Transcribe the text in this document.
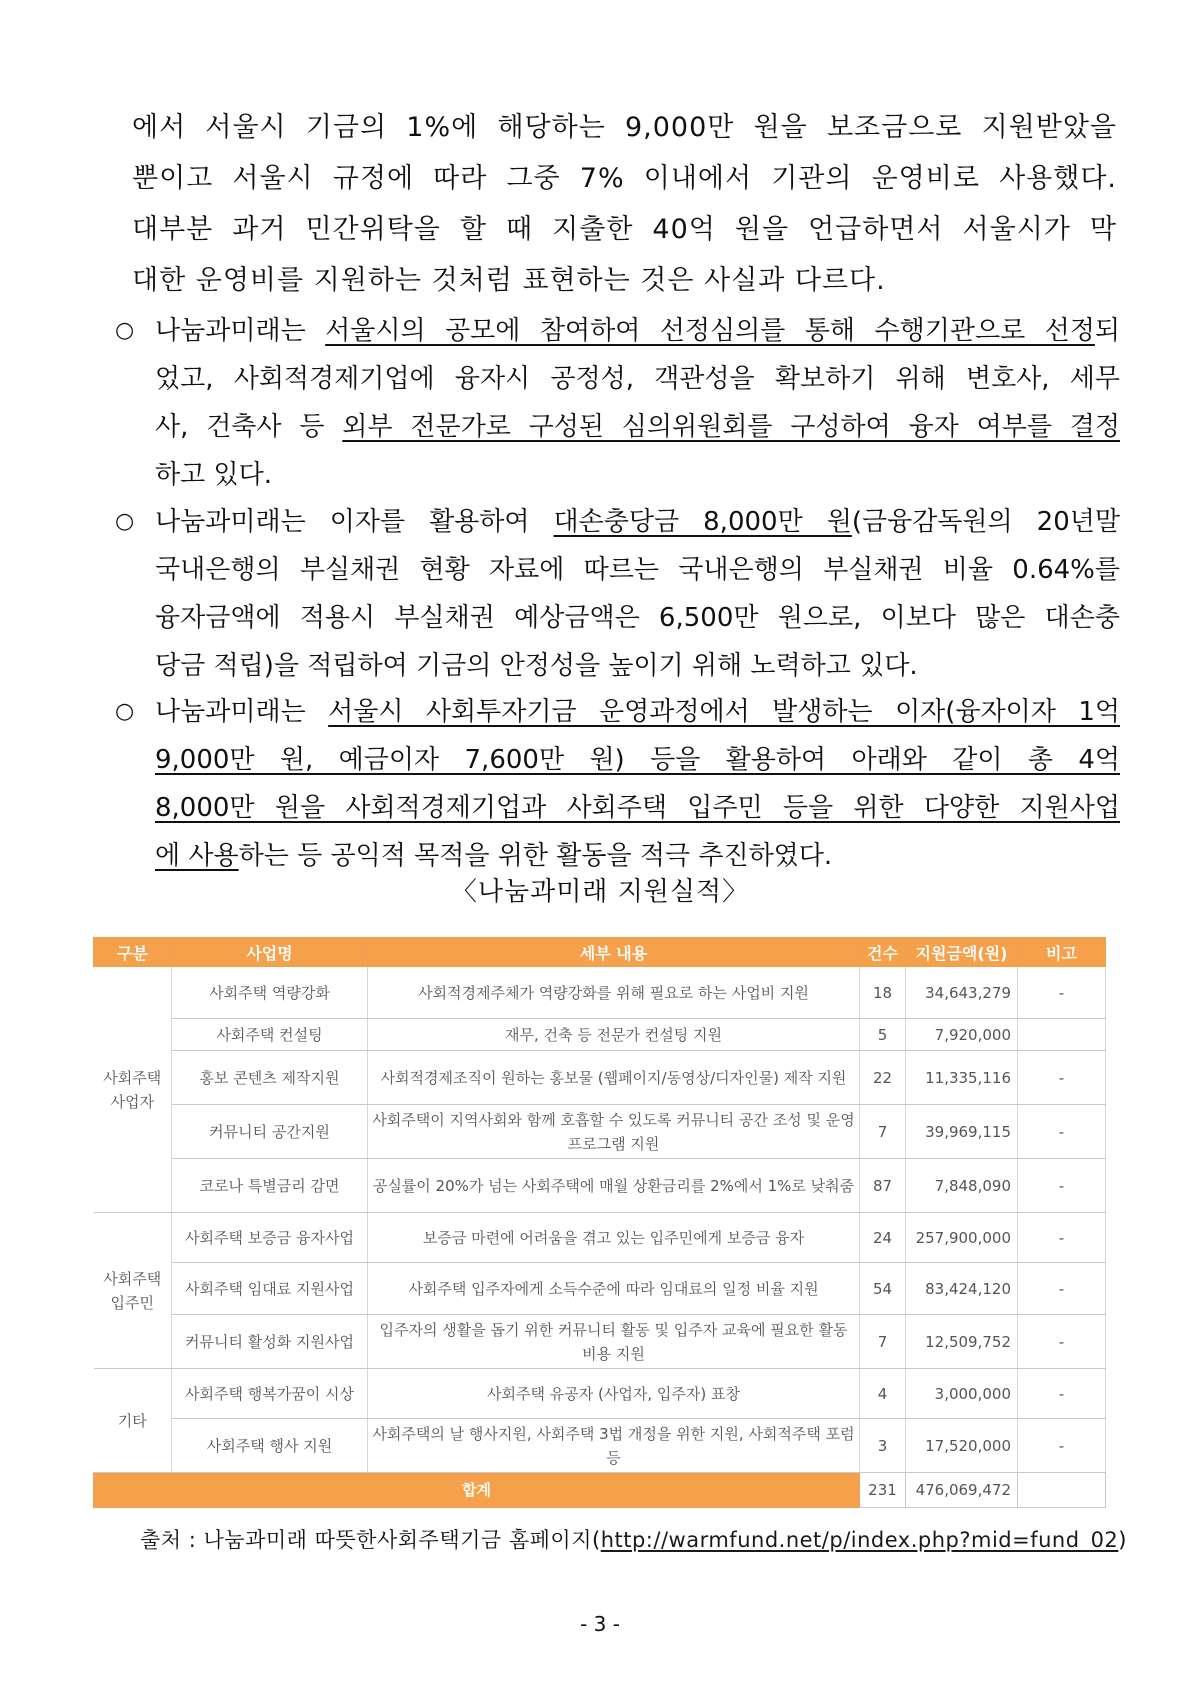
에서 서울시 기금의 1%에 해당하는 9,000만 원을 보조금으로 지원받았을

뿐이고 서울시 규정에 따라 그중 7% 이내에서 기관의 운영비로 사용했다.

대부분 과거 민간위탁을 할 때 지출한 40억 원을 언급하면서 서울시가 막

대한 운영비를 지원하는 것처럼 표현하는 것은 사실과 다르다.

○ 나눔과미래는 서울시의 공모에 참여하여 선정심의를 통해 수행기관으로 선정되
었고, 사회적경제기업에 융자시 공정성, 객관성을 확보하기 위해 변호사, 세무
사, 건축사 등 외부 전문가로 구성된 심의위원회를 구성하여 융자 여부를 결정
하고 있다.
○ 나눔과미래는 이자를 활용하여 대손충당금 8,000만 원(금융감독원의 20년말
국내은행의 부실채권 현황 자료에 따르는 국내은행의 부실채권 비율 0.64%를
융자금액에 적용시 부실채권 예상금액은 6,500만 원으로, 이보다 많은 대손충
당금 적립)을 적립하여 기금의 안정성을 높이기 위해 노력하고 있다.
○ 나눔과미래는 서울시 사회투자기금 운영과정에서 발생하는 이자(융자이자 1억
9,000만 원, 예금이자 7,600만 원) 등을 활용하여 아래와 같이 총 4억
8,000만 원을 사회적경제기업과 사회주택 입주민 등을 위한 다양한 지원사업
에 사용하는 등 공익적 목적을 위한 활동을 적극 추진하였다.
〈나눔과미래 지원실적〉
구분	사업명	세부 내용	건수	지원금액(원)	비고
사회주택 사업자	사회주택 역량강화	사회적경제주체가 역량강화를 위해 필요로 하는 사업비 지원	18	34,643,279	-
	사회주택 컨설팅	재무, 건축 등 전문가 컨설팅 지원	5	7,920,000	
	홍보 콘텐츠 제작지원	사회적경제조직이 원하는 홍보물 (웹페이지/동영상/디자인물) 제작 지원	22	11,335,116	-
	커뮤니티 공간지원	사회주택이 지역사회와 함께 호흡할 수 있도록 커뮤니티 공간 조성 및 운영 프로그램 지원	7	39,969,115	-
	코로나 특별금리 감면	공실률이 20%가 넘는 사회주택에 매월 상환금리를 2%에서 1%로 낮춰줌	87	7,848,090	-
사회주택 입주민	사회주택 보증금 융자사업	보증금 마련에 어려움을 겪고 있는 입주민에게 보증금 융자	24	257,900,000	-
	사회주택 임대료 지원사업	사회주택 입주자에게 소득수준에 따라 임대료의 일정 비율 지원	54	83,424,120	-
	커뮤니티 활성화 지원사업	입주자의 생활을 돕기 위한 커뮤니티 활동 및 입주자 교육에 필요한 활동 비용 지원	7	12,509,752	-
기타	사회주택 행복가꿈이 시상	사회주택 유공자 (사업자, 입주자) 표창	4	3,000,000	-
	사회주택 행사 지원	사회주택의 날 행사지원, 사회주택 3법 개정을 위한 지원, 사회적주택 포럼 등	3	17,520,000	-
합계			231	476,069,472	
출처 : 나눔과미래 따뜻한사회주택기금 홈페이지(http://warmfund.net/p/index.php?mid=fund_02)
- 3 -
